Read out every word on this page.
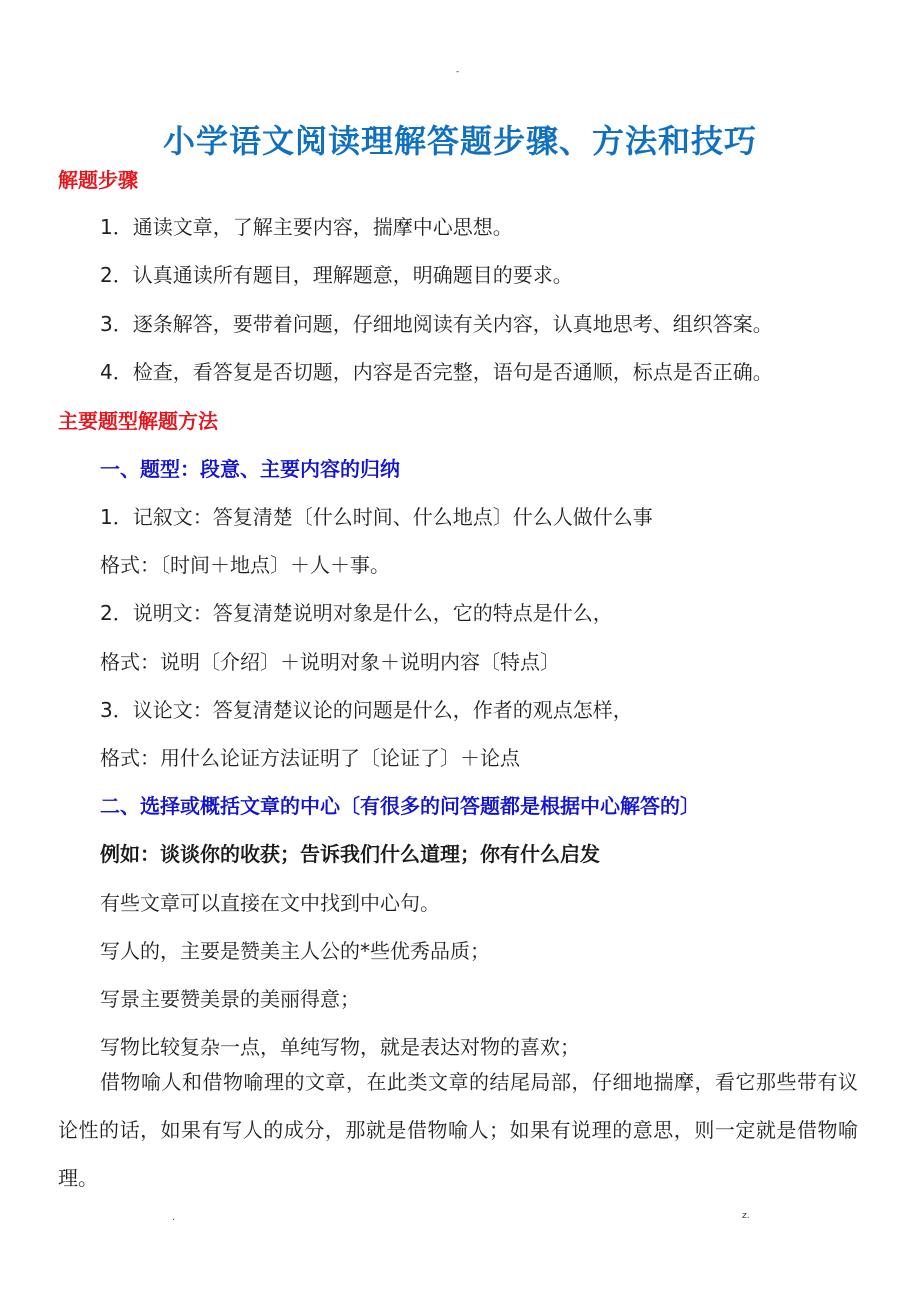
-
小学语文阅读理解答题步骤、方法和技巧
解题步骤
1．通读文章，了解主要内容，揣摩中心思想。
2．认真通读所有题目，理解题意，明确题目的要求。
3．逐条解答，要带着问题，仔细地阅读有关内容，认真地思考、组织答案。
4．检查，看答复是否切题，内容是否完整，语句是否通顺，标点是否正确。
主要题型解题方法
一、题型：段意、主要内容的归纳
1．记叙文：答复清楚〔什么时间、什么地点〕什么人做什么事
格式：〔时间＋地点〕＋人＋事。
2．说明文：答复清楚说明对象是什么，它的特点是什么，
格式：说明〔介绍〕＋说明对象＋说明内容〔特点〕
3．议论文：答复清楚议论的问题是什么，作者的观点怎样，
格式：用什么论证方法证明了〔论证了〕＋论点
二、选择或概括文章的中心〔有很多的问答题都是根据中心解答的〕
例如：谈谈你的收获；告诉我们什么道理；你有什么启发
有些文章可以直接在文中找到中心句。
写人的，主要是赞美主人公的*些优秀品质；
写景主要赞美景的美丽得意；
写物比较复杂一点，单纯写物，就是表达对物的喜欢；

借物喻人和借物喻理的文章，在此类文章的结尾局部，仔细地揣摩，看它那些带有议论性的话，如果有写人的成分，那就是借物喻人；如果有说理的意思，则一定就是借物喻理。

.	z.
